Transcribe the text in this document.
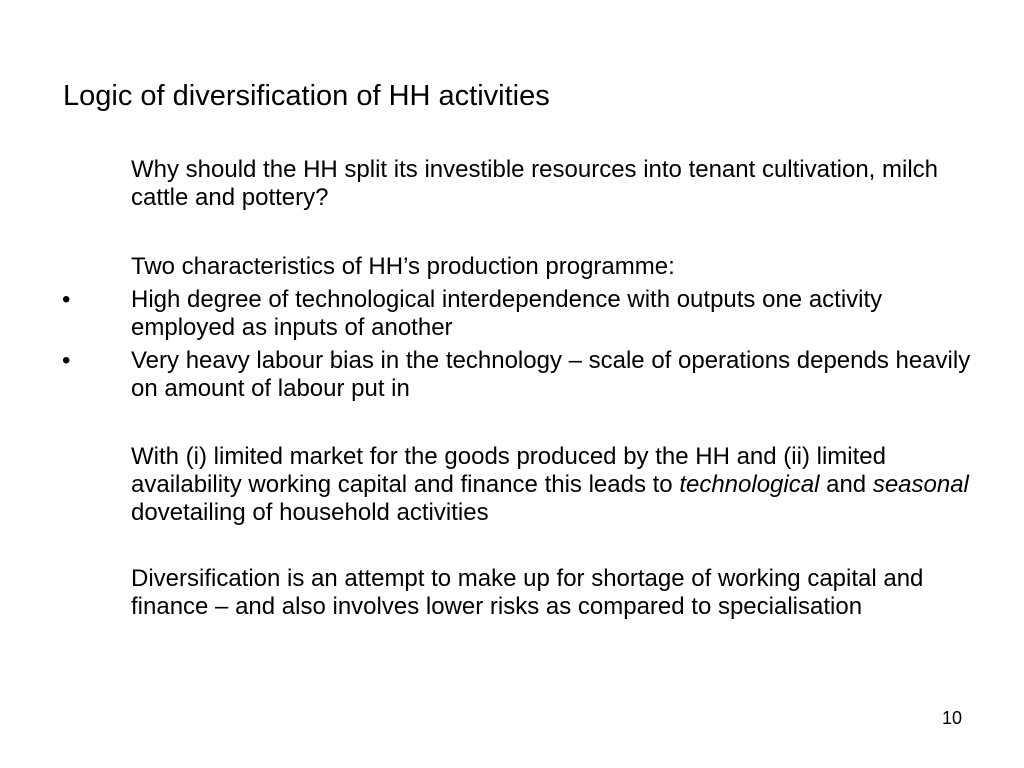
Logic of diversification of HH activities
Why should the HH split its investible resources into tenant cultivation, milch cattle and pottery?
Two characteristics of HH’s production programme:
•	High degree of technological interdependence with outputs one activity employed as inputs of another
•	Very heavy labour bias in the technology – scale of operations depends heavily on amount of labour put in
With (i) limited market for the goods produced by the HH and (ii) limited availability working capital and finance this leads to technological and seasonal dovetailing of household activities
Diversification is an attempt to make up for shortage of working capital and finance – and also involves lower risks as compared to specialisation
10
